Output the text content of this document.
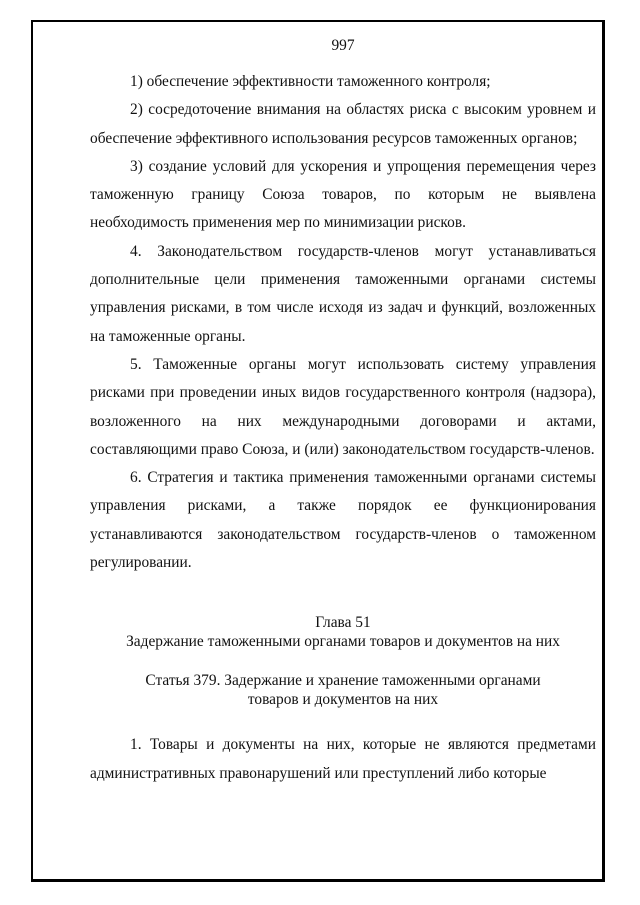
997

1) обеспечение эффективности таможенного контроля;

2) сосредоточение внимания на областях риска с высоким уровнем и обеспечение эффективного использования ресурсов таможенных органов;

3) создание условий для ускорения и упрощения перемещения через таможенную границу Союза товаров, по которым не выявлена необходимость применения мер по минимизации рисков.

4. Законодательством государств-членов могут устанавливаться дополнительные цели применения таможенными органами системы управления рисками, в том числе исходя из задач и функций, возложенных на таможенные органы.

5. Таможенные органы могут использовать систему управления рисками при проведении иных видов государственного контроля (надзора), возложенного на них международными договорами и актами, составляющими право Союза, и (или) законодательством государств-членов.

6. Стратегия и тактика применения таможенными органами системы управления рисками, а также порядок ее функционирования устанавливаются законодательством государств-членов о таможенном регулировании.

Глава 51

Задержание таможенными органами товаров и документов на них

Статья 379. Задержание и хранение таможенными органами

товаров и документов на них

1. Товары и документы на них, которые не являются предметами административных правонарушений или преступлений либо которые
